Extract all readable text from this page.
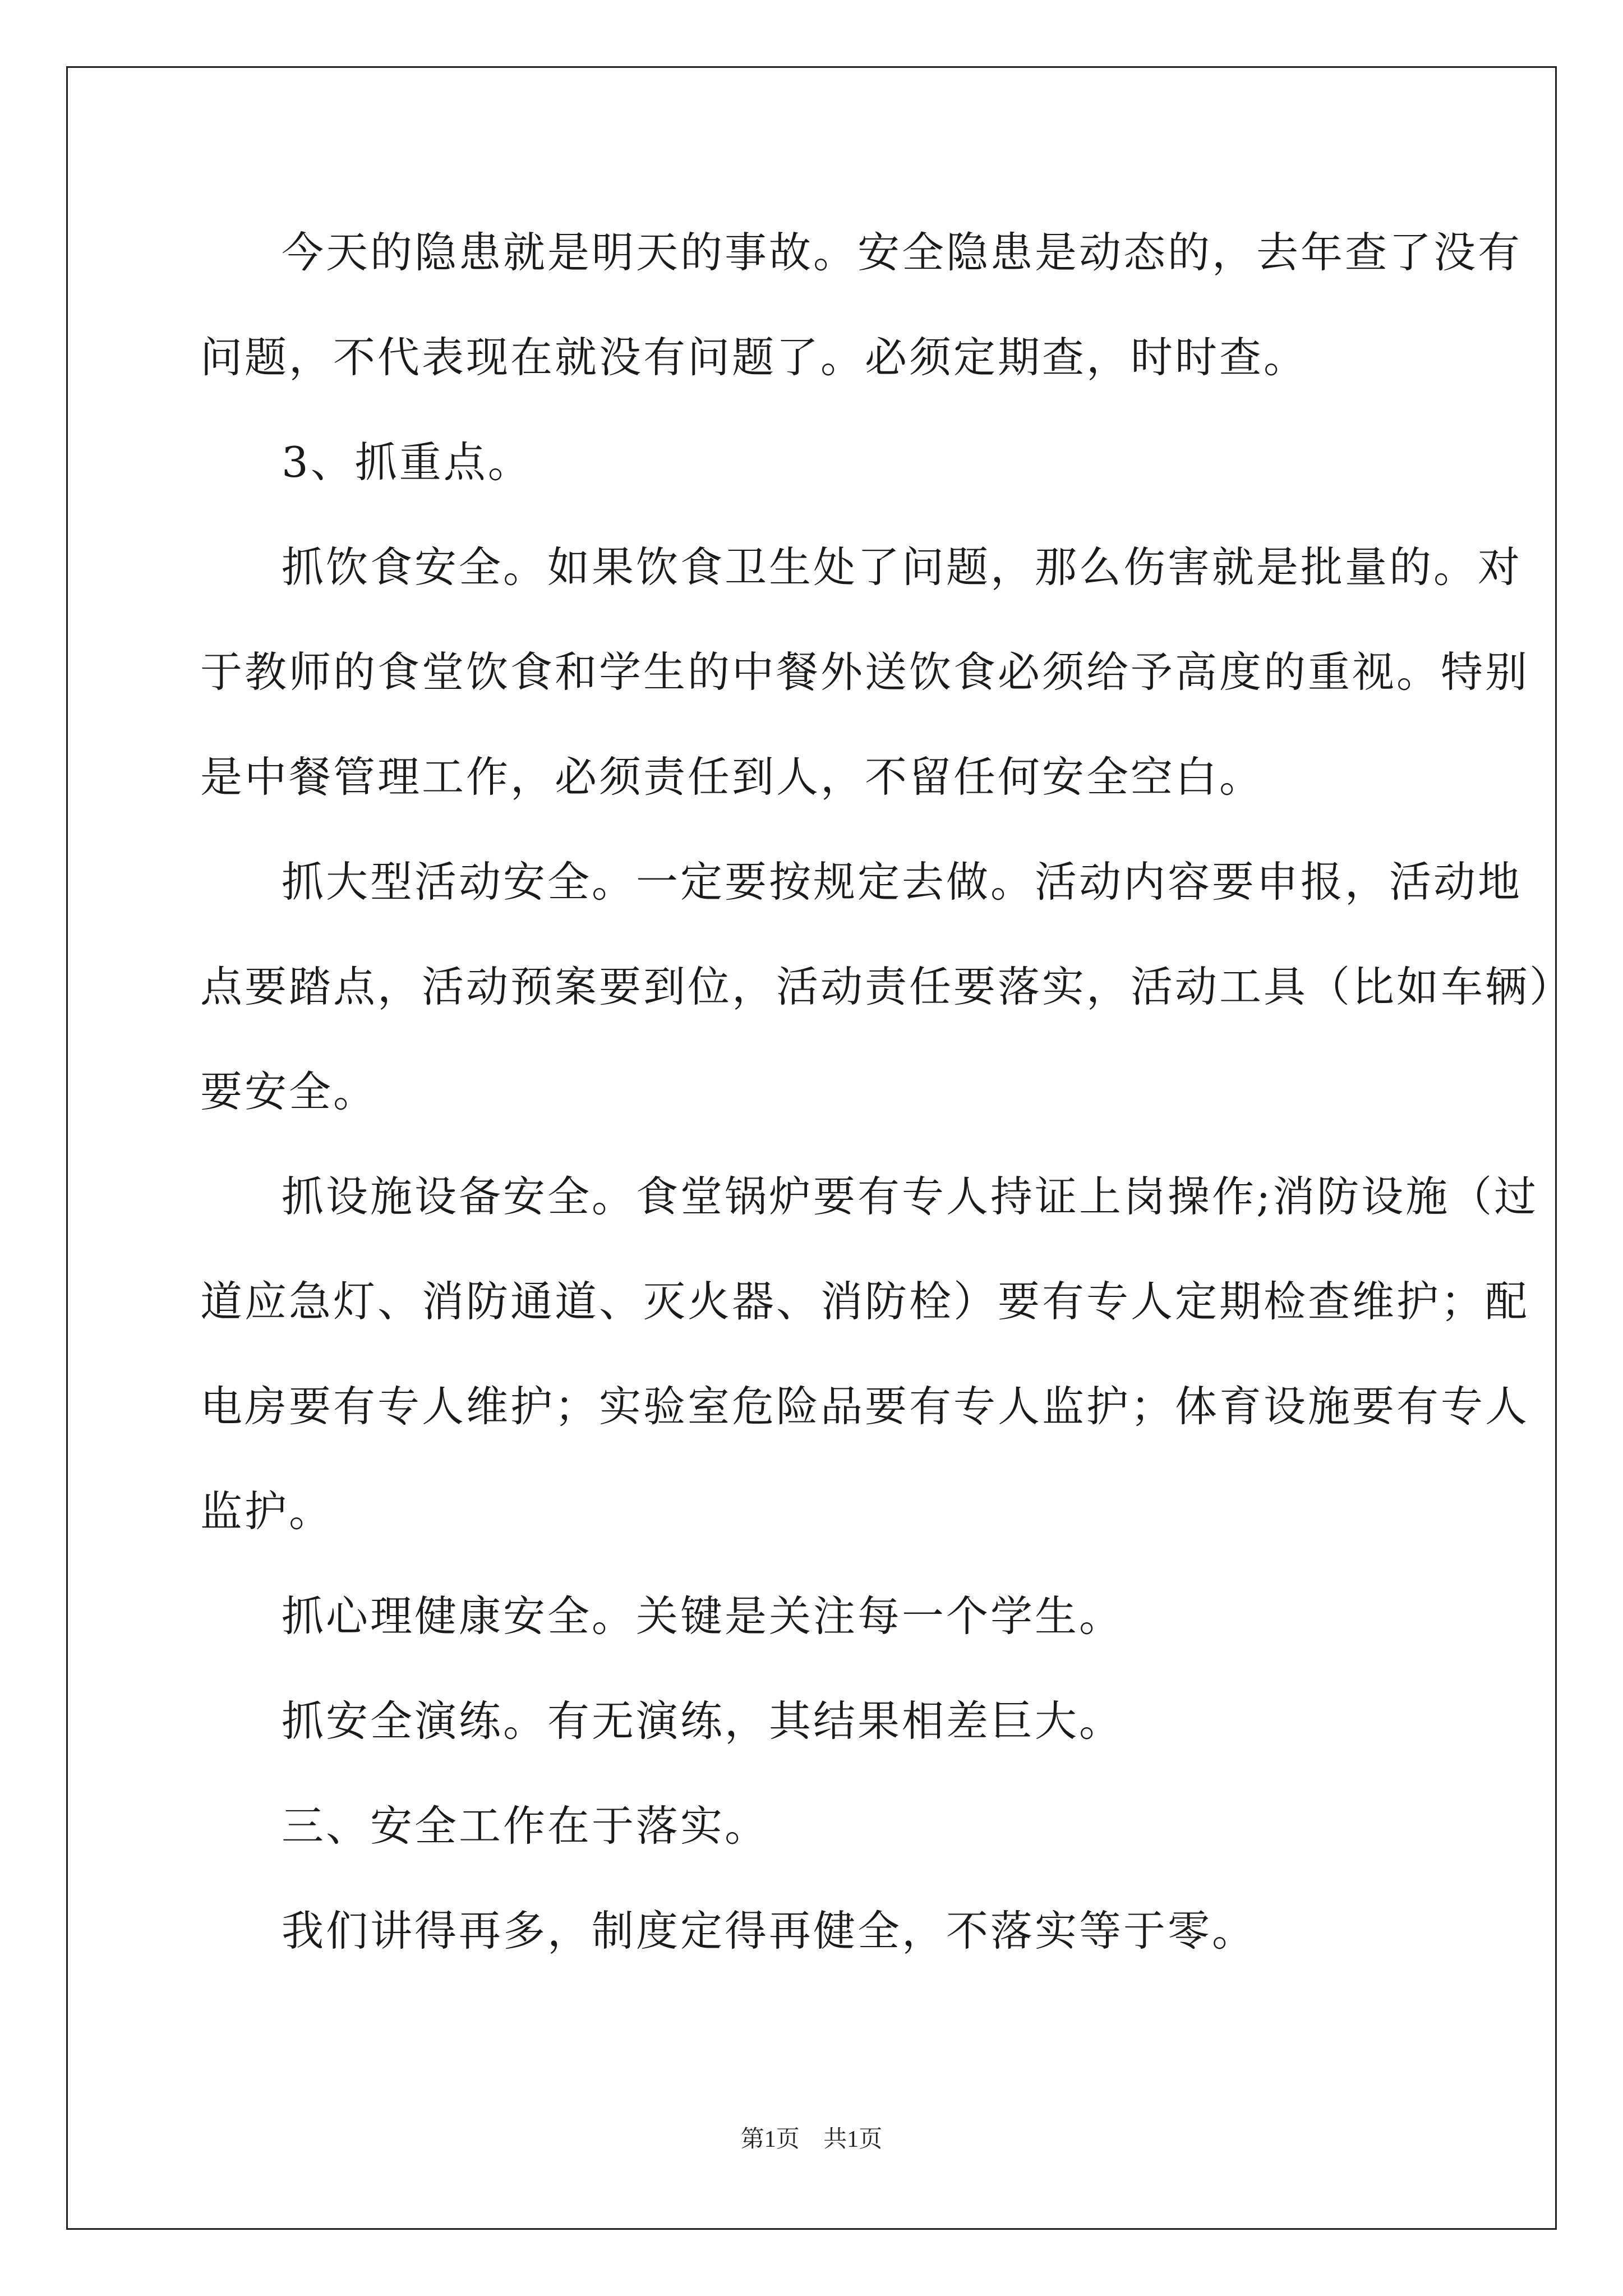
今天的隐患就是明天的事故。安全隐患是动态的，去年查了没有
问题，不代表现在就没有问题了。必须定期查，时时查。
3、抓重点。
抓饮食安全。如果饮食卫生处了问题，那么伤害就是批量的。对
于教师的食堂饮食和学生的中餐外送饮食必须给予高度的重视。特别
是中餐管理工作，必须责任到人，不留任何安全空白。
抓大型活动安全。一定要按规定去做。活动内容要申报，活动地
点要踏点，活动预案要到位，活动责任要落实，活动工具（比如车辆）
要安全。
抓设施设备安全。食堂锅炉要有专人持证上岗操作;消防设施（过
道应急灯、消防通道、灭火器、消防栓）要有专人定期检查维护；配
电房要有专人维护；实验室危险品要有专人监护；体育设施要有专人
监护。
抓心理健康安全。关键是关注每一个学生。
抓安全演练。有无演练，其结果相差巨大。
三、安全工作在于落实。
我们讲得再多，制度定得再健全，不落实等于零。
第1页 共1页
